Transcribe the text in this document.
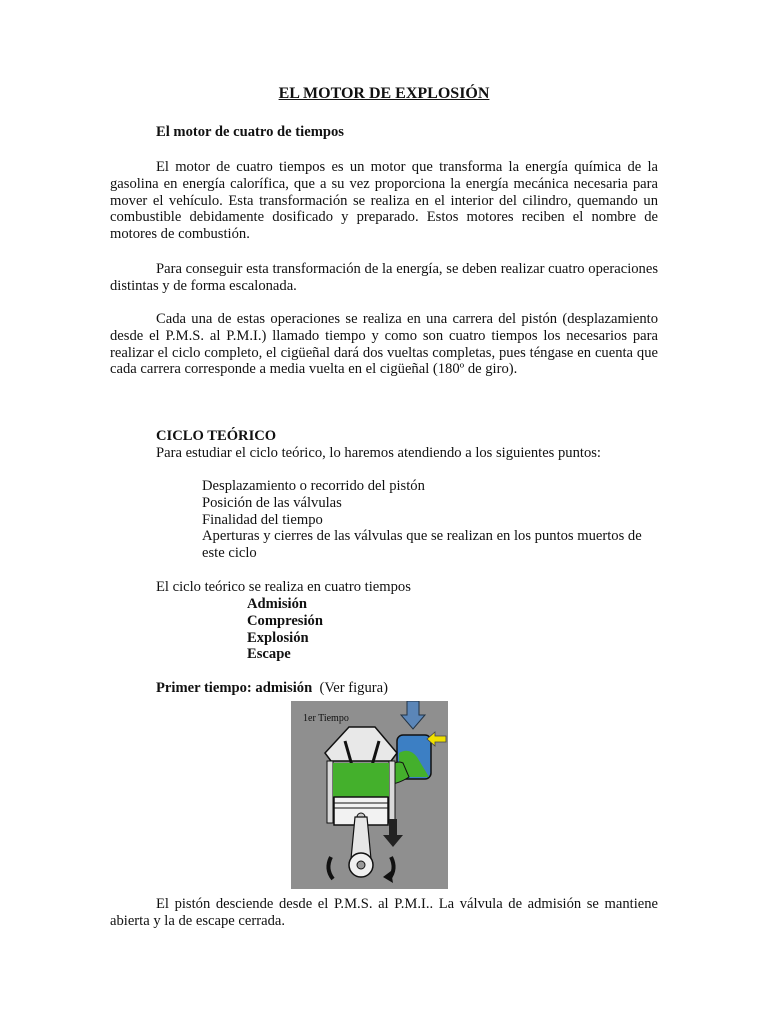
EL MOTOR DE EXPLOSIÓN
El motor de cuatro de tiempos
El motor de cuatro tiempos es un motor que transforma la energía química de la gasolina en energía calorífica, que a su vez proporciona la energía mecánica necesaria para mover el vehículo. Esta transformación se realiza en el interior del cilindro, quemando un combustible debidamente dosificado y preparado. Estos motores reciben el nombre de motores de combustión.
Para conseguir esta transformación de la energía, se deben realizar cuatro operaciones distintas y de forma escalonada.
Cada una de estas operaciones se realiza en una carrera del pistón (desplazamiento desde el P.M.S. al P.M.I.) llamado tiempo y como son cuatro tiempos los necesarios para realizar el ciclo completo, el cigüeñal dará dos vueltas completas, pues téngase en cuenta que cada carrera corresponde a media vuelta en el cigüeñal (180º de giro).
CICLO TEÓRICO
Para estudiar el ciclo teórico, lo haremos atendiendo a los siguientes puntos:
Desplazamiento o recorrido del pistón
Posición de las válvulas
Finalidad del tiempo
Aperturas y cierres de las válvulas que se realizan en los puntos muertos de este ciclo
El ciclo teórico se realiza en cuatro tiempos
Admisión
Compresión
Explosión
Escape
Primer tiempo: admisión  (Ver figura)
1er Tiempo
El pistón desciende desde el P.M.S. al P.M.I.. La válvula de admisión se mantiene abierta y la de escape cerrada.
